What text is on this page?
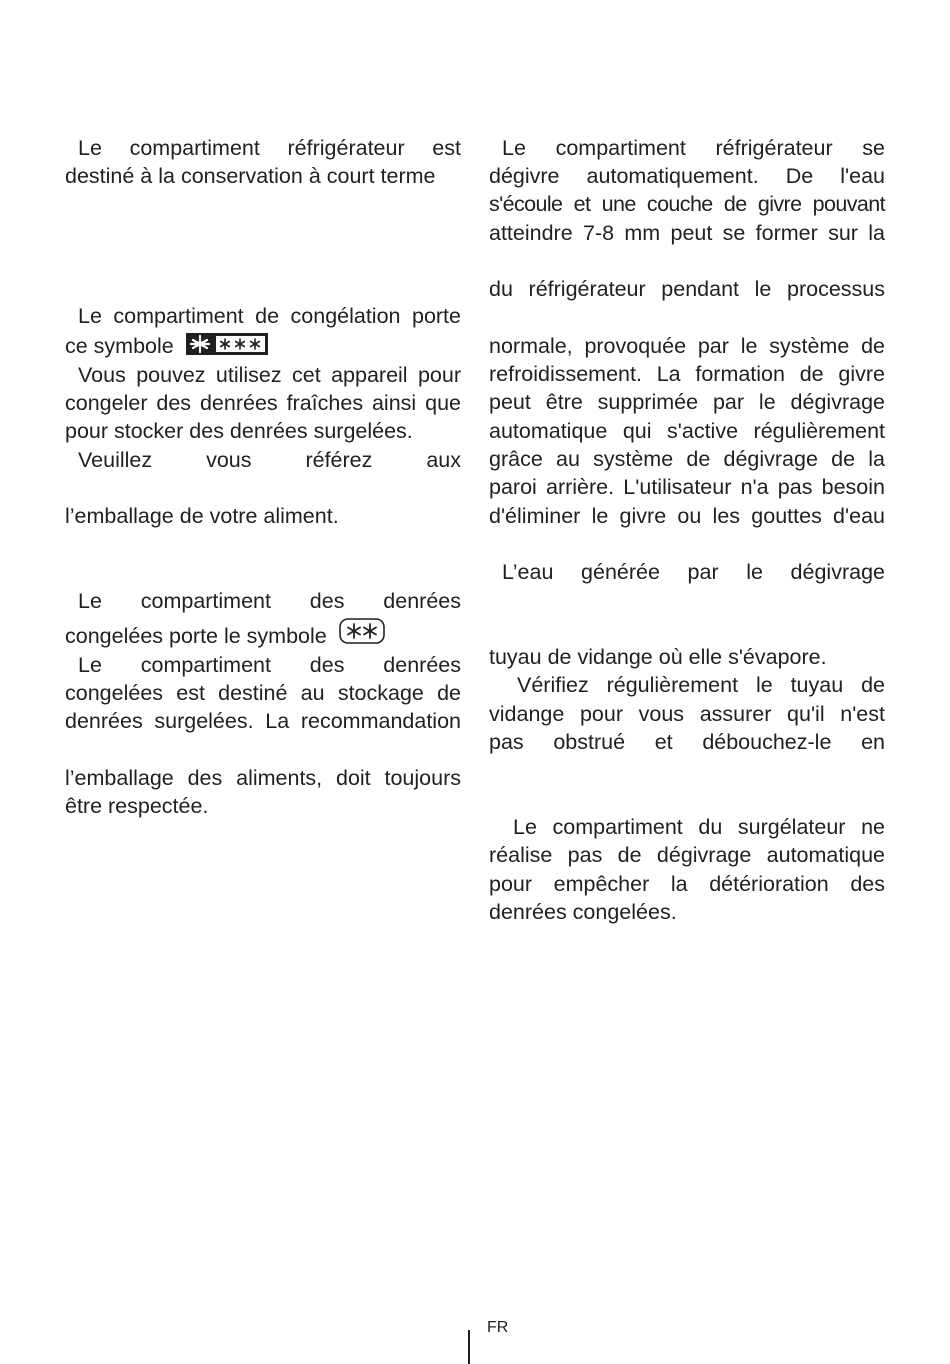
Le compartiment réfrigérateur est
destiné à la conservation à court terme
Le compartiment de congélation porte
ce symbole
Vous pouvez utilisez cet appareil pour
congeler des denrées fraîches ainsi que
pour stocker des denrées surgelées.
Veuillez vous référez aux
l’emballage de votre aliment.
Le compartiment des denrées
congelées porte le symbole
Le compartiment des denrées
congelées est destiné au stockage de
denrées surgelées. La recommandation
l’emballage des aliments, doit toujours
être respectée.
Le compartiment réfrigérateur se
dégivre automatiquement. De l'eau
s'écoule et une couche de givre pouvant
atteindre 7-8 mm peut se former sur la
du réfrigérateur pendant le processus
normale, provoquée par le système de
refroidissement. La formation de givre
peut être supprimée par le dégivrage
automatique qui s'active régulièrement
grâce au système de dégivrage de la
paroi arrière. L'utilisateur n'a pas besoin
d'éliminer le givre ou les gouttes d'eau
L’eau générée par le dégivrage
tuyau de vidange où elle s'évapore.
Vérifiez régulièrement le tuyau de
vidange pour vous assurer qu'il n'est
pas obstrué et débouchez-le en
Le compartiment du surgélateur ne
réalise pas de dégivrage automatique
pour empêcher la détérioration des
denrées congelées.
FR
